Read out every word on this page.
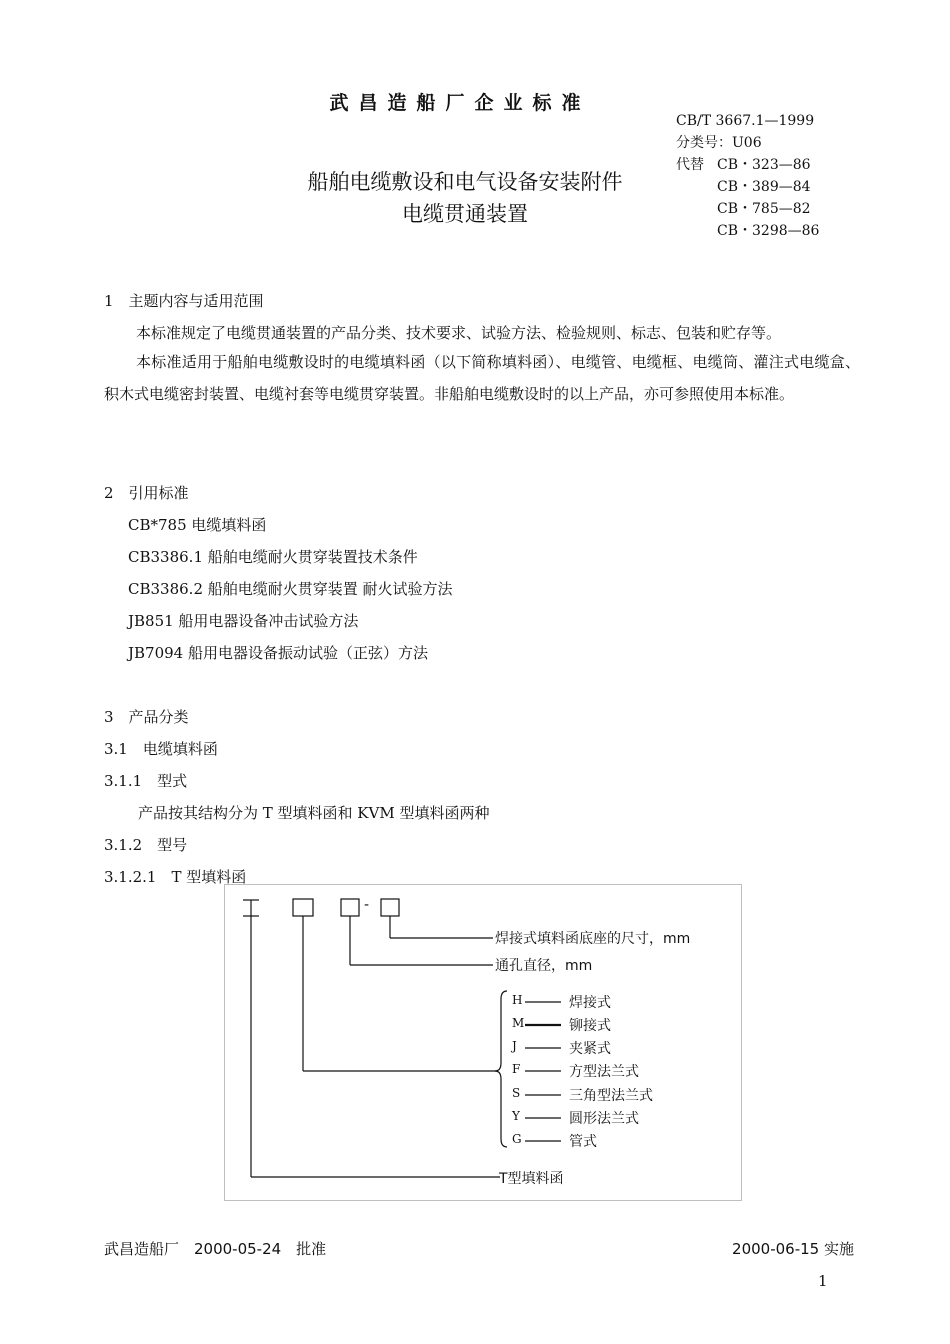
武昌造船厂企业标准
CB/T 3667.1—1999
分类号：U06
代替 CB・323—86
CB・389—84
CB・785—82
CB・3298—86
船舶电缆敷设和电气设备安装附件
电缆贯通装置
1　主题内容与适用范围
本标准规定了电缆贯通装置的产品分类、技术要求、试验方法、检验规则、标志、包装和贮存等。
本标准适用于船舶电缆敷设时的电缆填料函（以下简称填料函）、电缆管、电缆框、电缆筒、灌注式电缆盒、积木式电缆密封装置、电缆衬套等电缆贯穿装置。非船舶电缆敷设时的以上产品，亦可参照使用本标准。
2　引用标准
CB*785 电缆填料函
CB3386.1 船舶电缆耐火贯穿装置技术条件
CB3386.2 船舶电缆耐火贯穿装置 耐火试验方法
JB851 船用电器设备冲击试验方法
JB7094 船用电器设备振动试验（正弦）方法
3　产品分类
3.1　电缆填料函
3.1.1　型式
产品按其结构分为 T 型填料函和 KVM 型填料函两种
3.1.2　型号
3.1.2.1　T 型填料函
-
焊接式填料函底座的尺寸，mm
通孔直径，mm
H	焊接式
M	铆接式
J	夹紧式
F	方型法兰式
S	三角型法兰式
Y	圆形法兰式
G	管式
T型填料函
武昌造船厂　2000-05-24　批准	2000-06-15 实施
1
